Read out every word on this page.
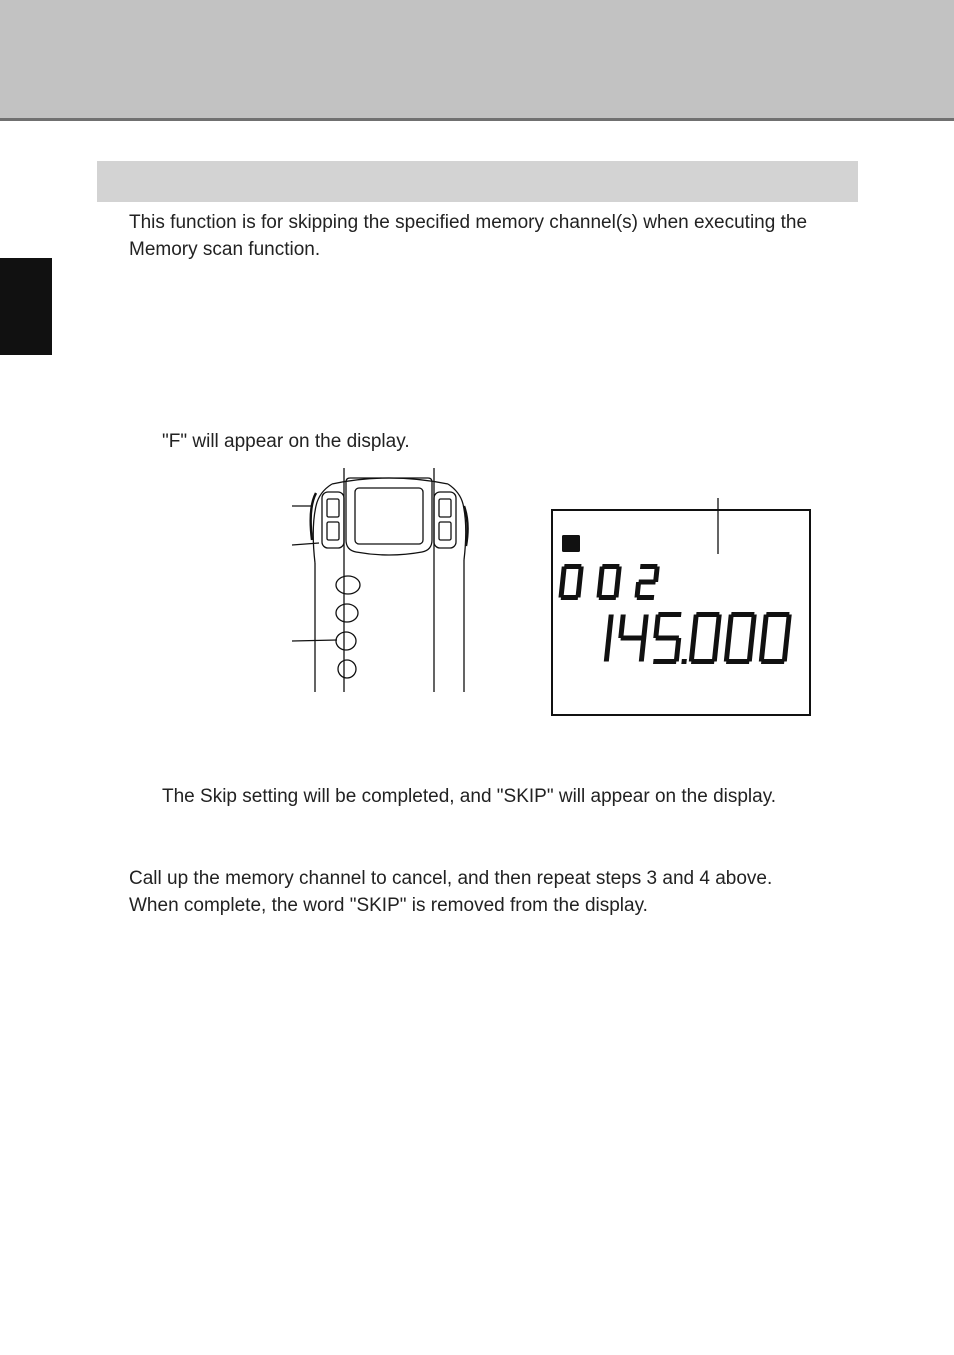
This function is for skipping the specified memory channel(s) when executing the Memory scan function.

"F" will appear on the display.

The Skip setting will be completed, and "SKIP" will appear on the display.

Call up the memory channel to cancel, and then repeat steps 3 and 4 above.
When complete, the word "SKIP" is removed from the display.
